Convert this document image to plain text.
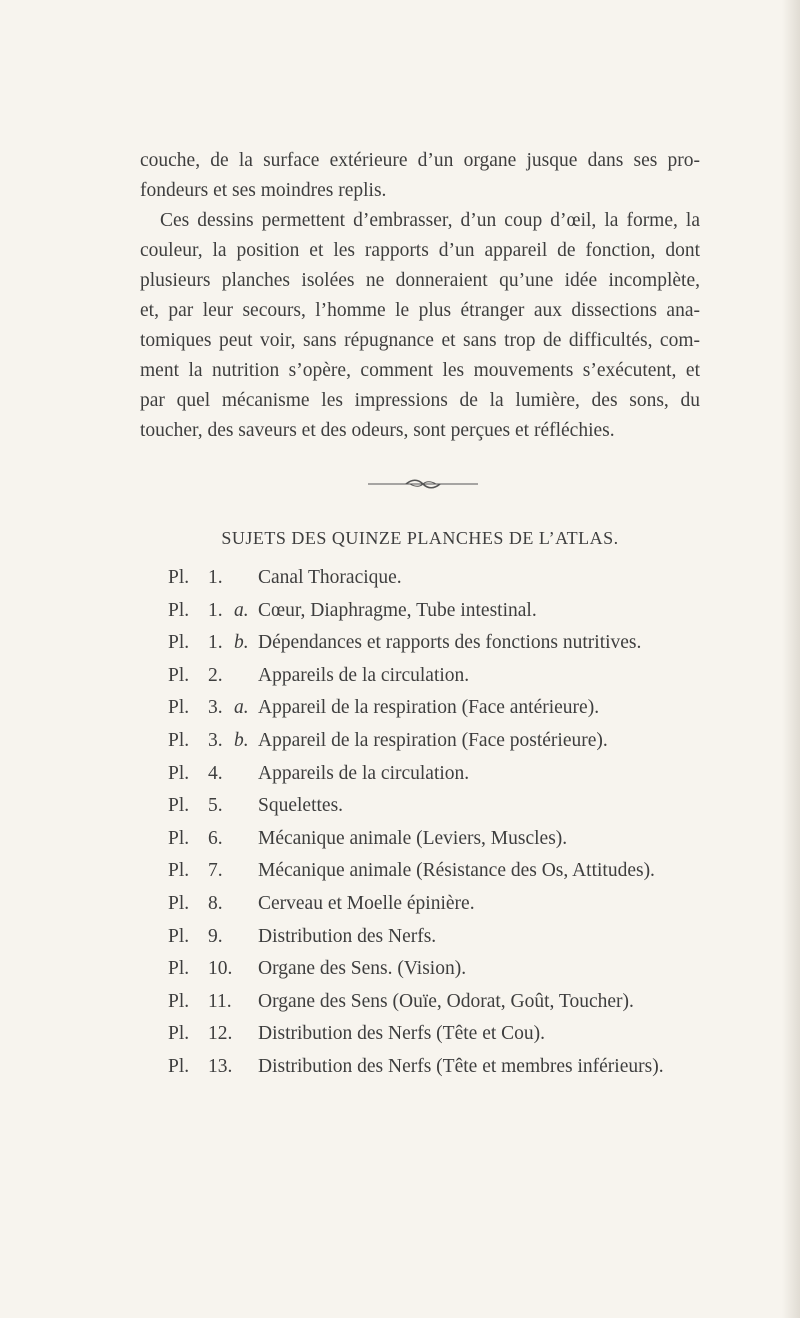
couche, de la surface extérieure d’un organe jusque dans ses pro-
fondeurs et ses moindres replis.
Ces dessins permettent d’embrasser, d’un coup d’œil, la forme, la
couleur, la position et les rapports d’un appareil de fonction, dont
plusieurs planches isolées ne donneraient qu’une idée incomplète,
et, par leur secours, l’homme le plus étranger aux dissections ana-
tomiques peut voir, sans répugnance et sans trop de difficultés, com-
ment la nutrition s’opère, comment les mouvements s’exécutent, et
par quel mécanisme les impressions de la lumière, des sons, du
toucher, des saveurs et des odeurs, sont perçues et réfléchies.
SUJETS DES QUINZE PLANCHES DE L’ATLAS.
Pl. 1. Canal Thoracique.
Pl. 1. a. Cœur, Diaphragme, Tube intestinal.
Pl. 1. b. Dépendances et rapports des fonctions nutritives.
Pl. 2. Appareils de la circulation.
Pl. 3. a. Appareil de la respiration (Face antérieure).
Pl. 3. b. Appareil de la respiration (Face postérieure).
Pl. 4. Appareils de la circulation.
Pl. 5. Squelettes.
Pl. 6. Mécanique animale (Leviers, Muscles).
Pl. 7. Mécanique animale (Résistance des Os, Attitudes).
Pl. 8. Cerveau et Moelle épinière.
Pl. 9. Distribution des Nerfs.
Pl. 10. Organe des Sens. (Vision).
Pl. 11. Organe des Sens (Ouïe, Odorat, Goût, Toucher).
Pl. 12. Distribution des Nerfs (Tête et Cou).
Pl. 13. Distribution des Nerfs (Tête et membres inférieurs).
